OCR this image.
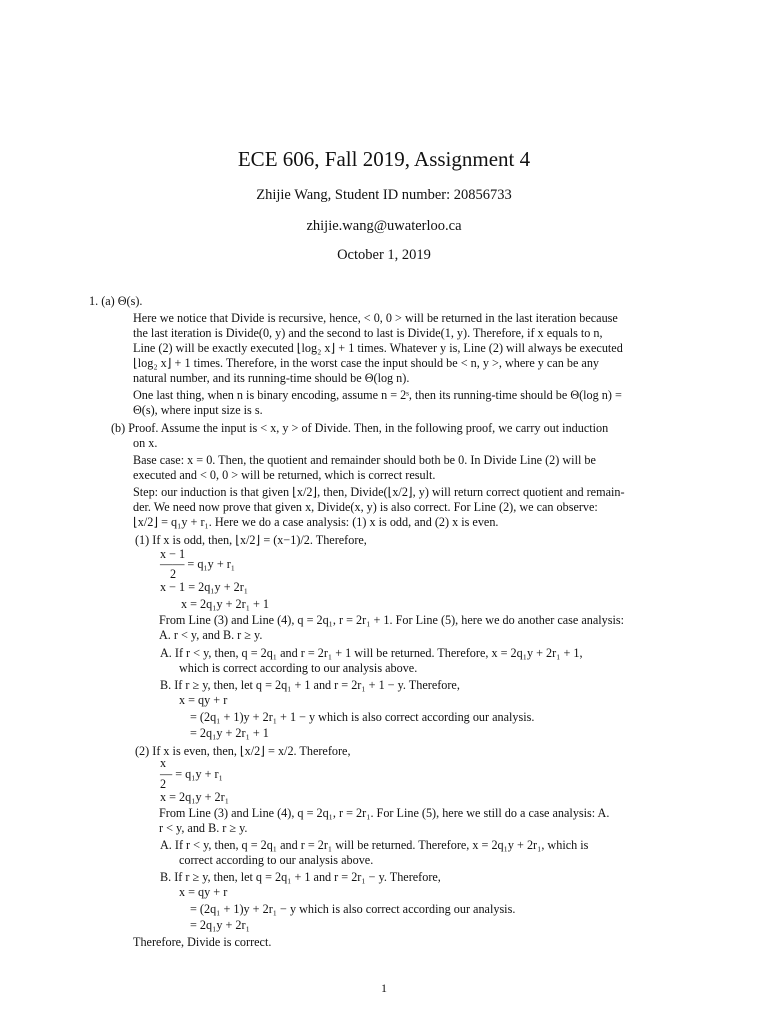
ECE 606, Fall 2019, Assignment 4
Zhijie Wang, Student ID number: 20856733
zhijie.wang@uwaterloo.ca
October 1, 2019
1. (a) Θ(s).
Here we notice that Divide is recursive, hence, < 0, 0 > will be returned in the last iteration because
the last iteration is Divide(0, y) and the second to last is Divide(1, y). Therefore, if x equals to n,
Line (2) will be exactly executed ⌊log₂ x⌋ + 1 times. Whatever y is, Line (2) will always be executed
⌊log₂ x⌋ + 1 times. Therefore, in the worst case the input should be < n, y >, where y can be any
natural number, and its running-time should be Θ(log n).
One last thing, when n is binary encoding, assume n = 2ˢ, then its running-time should be Θ(log n) =
Θ(s), where input size is s.
(b) Proof. Assume the input is < x, y > of Divide. Then, in the following proof, we carry out induction
on x.
Base case: x = 0. Then, the quotient and remainder should both be 0. In Divide Line (2) will be
executed and < 0, 0 > will be returned, which is correct result.
Step: our induction is that given ⌊x/2⌋, then, Divide(⌊x/2⌋, y) will return correct quotient and remain-
der. We need now prove that given x, Divide(x, y) is also correct. For Line (2), we can observe:
⌊x/2⌋ = q₁y + r₁. Here we do a case analysis: (1) x is odd, and (2) x is even.
(1) If x is odd, then, ⌊x/2⌋ = (x−1)/2. Therefore,
x − 1
—— = q₁y + r₁
2
x − 1 = 2q₁y + 2r₁
x = 2q₁y + 2r₁ + 1
From Line (3) and Line (4), q = 2q₁, r = 2r₁ + 1. For Line (5), here we do another case analysis:
A. r < y, and B. r ≥ y.
A. If r < y, then, q = 2q₁ and r = 2r₁ + 1 will be returned. Therefore, x = 2q₁y + 2r₁ + 1,
which is correct according to our analysis above.
B. If r ≥ y, then, let q = 2q₁ + 1 and r = 2r₁ + 1 − y. Therefore,
x = qy + r
= (2q₁ + 1)y + 2r₁ + 1 − y which is also correct according our analysis.
= 2q₁y + 2r₁ + 1
(2) If x is even, then, ⌊x/2⌋ = x/2. Therefore,
x
— = q₁y + r₁
2
x = 2q₁y + 2r₁
From Line (3) and Line (4), q = 2q₁, r = 2r₁. For Line (5), here we still do a case analysis: A.
r < y, and B. r ≥ y.
A. If r < y, then, q = 2q₁ and r = 2r₁ will be returned. Therefore, x = 2q₁y + 2r₁, which is
correct according to our analysis above.
B. If r ≥ y, then, let q = 2q₁ + 1 and r = 2r₁ − y. Therefore,
x = qy + r
= (2q₁ + 1)y + 2r₁ − y which is also correct according our analysis.
= 2q₁y + 2r₁
Therefore, Divide is correct.
1
